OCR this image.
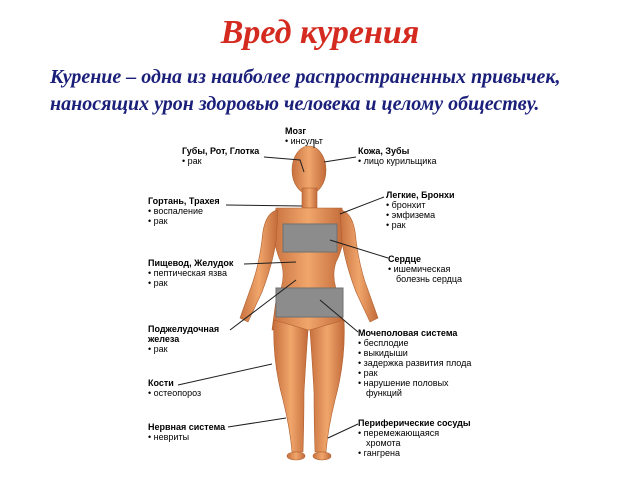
Вред курения
Курение – одна из наиболее распространенных привычек,
наносящих урон здоровью человека и целому обществу.
Мозг
• инсульт
Губы, Рот, Глотка
• рак
Кожа, Зубы
• лицо курильщика
Гортань, Трахея
• воспаление
• рак
Легкие, Бронхи
• бронхит
• эмфизема
• рак
Пищевод, Желудок
• пептическая язва
• рак
Сердце
• ишемическая
болезнь сердца
Поджелудочная
железа
• рак
Мочеполовая система
• бесплодие
• выкидыши
• задержка развития плода
• рак
• нарушение половых
функций
Кости
• остеопороз
Нервная система
• невриты
Периферические сосуды
• перемежающаяся
хромота
• гангрена
